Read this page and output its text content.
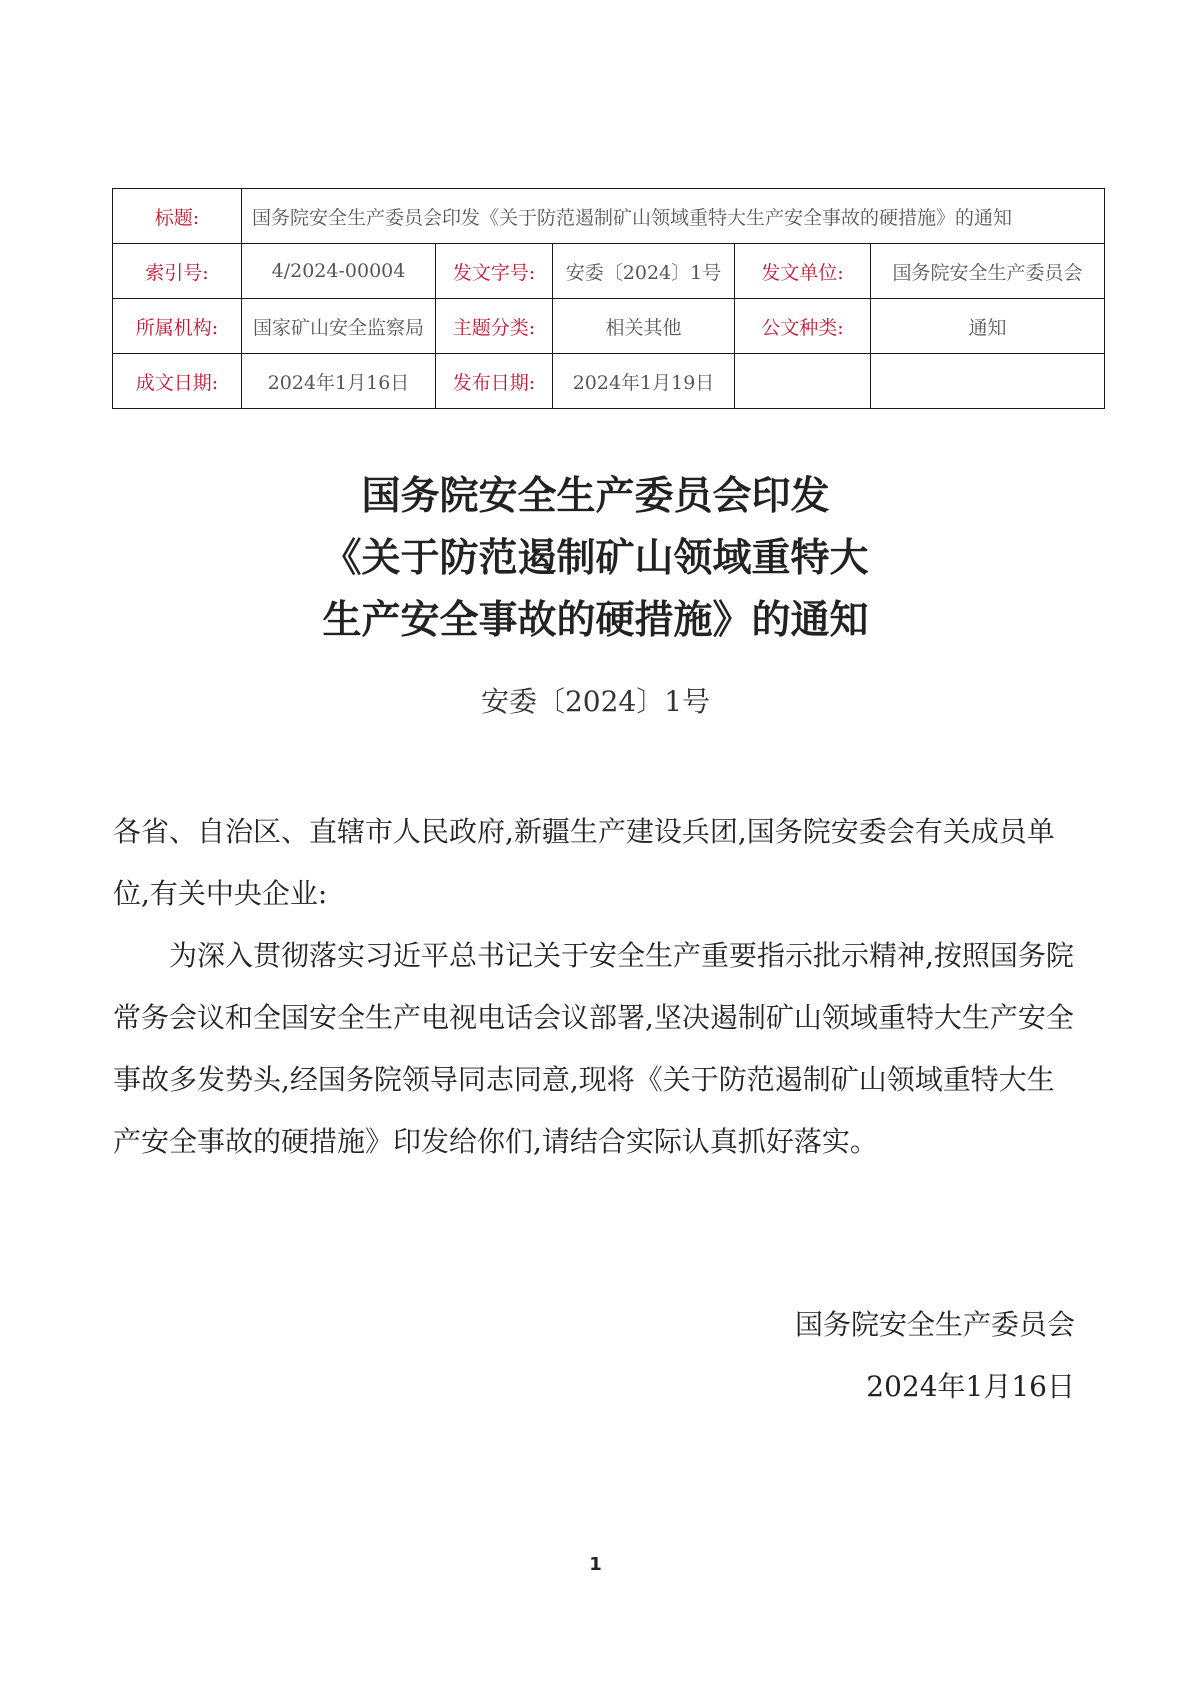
标题:	国务院安全生产委员会印发《关于防范遏制矿山领域重特大生产安全事故的硬措施》的通知				
索引号:	4/2024-00004	发文字号:	安委〔2024〕1号	发文单位:	国务院安全生产委员会
所属机构:	国家矿山安全监察局	主题分类:	相关其他	公文种类:	通知
成文日期:	2024年1月16日	发布日期:	2024年1月19日		
国务院安全生产委员会印发
《关于防范遏制矿山领域重特大
生产安全事故的硬措施》的通知
安委〔2024〕1号

各省、自治区、直辖市人民政府,新疆生产建设兵团,国务院安委会有关成员单位,有关中央企业:

为深入贯彻落实习近平总书记关于安全生产重要指示批示精神,按照国务院常务会议和全国安全生产电视电话会议部署,坚决遏制矿山领域重特大生产安全事故多发势头,经国务院领导同志同意,现将《关于防范遏制矿山领域重特大生产安全事故的硬措施》印发给你们,请结合实际认真抓好落实。

国务院安全生产委员会
2024年1月16日
1
